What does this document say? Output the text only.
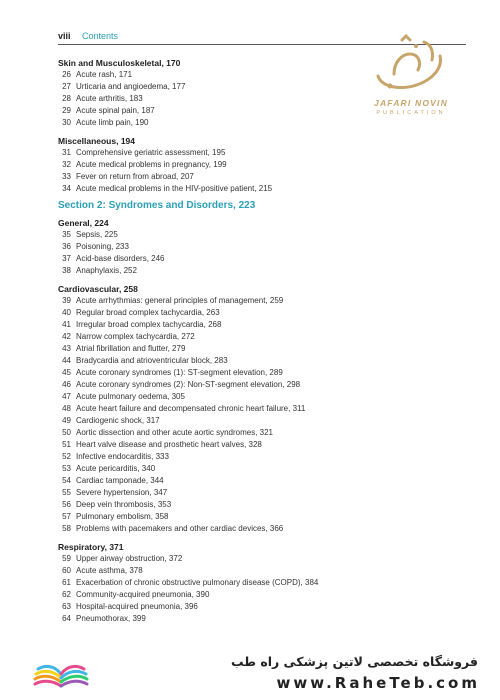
viii Contents
JAFARI NOVIN
PUBLICATION
Skin and Musculoskeletal, 170
26 Acute rash, 171
27 Urticaria and angioedema, 177
28 Acute arthritis, 183
29 Acute spinal pain, 187
30 Acute limb pain, 190
Miscellaneous, 194
31 Comprehensive geriatric assessment, 195
32 Acute medical problems in pregnancy, 199
33 Fever on return from abroad, 207
34 Acute medical problems in the HIV-positive patient, 215
Section 2: Syndromes and Disorders, 223
General, 224
35 Sepsis, 225
36 Poisoning, 233
37 Acid-base disorders, 246
38 Anaphylaxis, 252
Cardiovascular, 258
39 Acute arrhythmias: general principles of management, 259
40 Regular broad complex tachycardia, 263
41 Irregular broad complex tachycardia, 268
42 Narrow complex tachycardia, 272
43 Atrial fibrillation and flutter, 279
44 Bradycardia and atrioventricular block, 283
45 Acute coronary syndromes (1): ST-segment elevation, 289
46 Acute coronary syndromes (2): Non-ST-segment elevation, 298
47 Acute pulmonary oedema, 305
48 Acute heart failure and decompensated chronic heart failure, 311
49 Cardiogenic shock, 317
50 Aortic dissection and other acute aortic syndromes, 321
51 Heart valve disease and prosthetic heart valves, 328
52 Infective endocarditis, 333
53 Acute pericarditis, 340
54 Cardiac tamponade, 344
55 Severe hypertension, 347
56 Deep vein thrombosis, 353
57 Pulmonary embolism, 358
58 Problems with pacemakers and other cardiac devices, 366
Respiratory, 371
59 Upper airway obstruction, 372
60 Acute asthma, 378
61 Exacerbation of chronic obstructive pulmonary disease (COPD), 384
62 Community-acquired pneumonia, 390
63 Hospital-acquired pneumonia, 396
64 Pneumothorax, 399
فروشگاه تخصصی لاتین پزشکی راه طب
www.RaheTeb.com
